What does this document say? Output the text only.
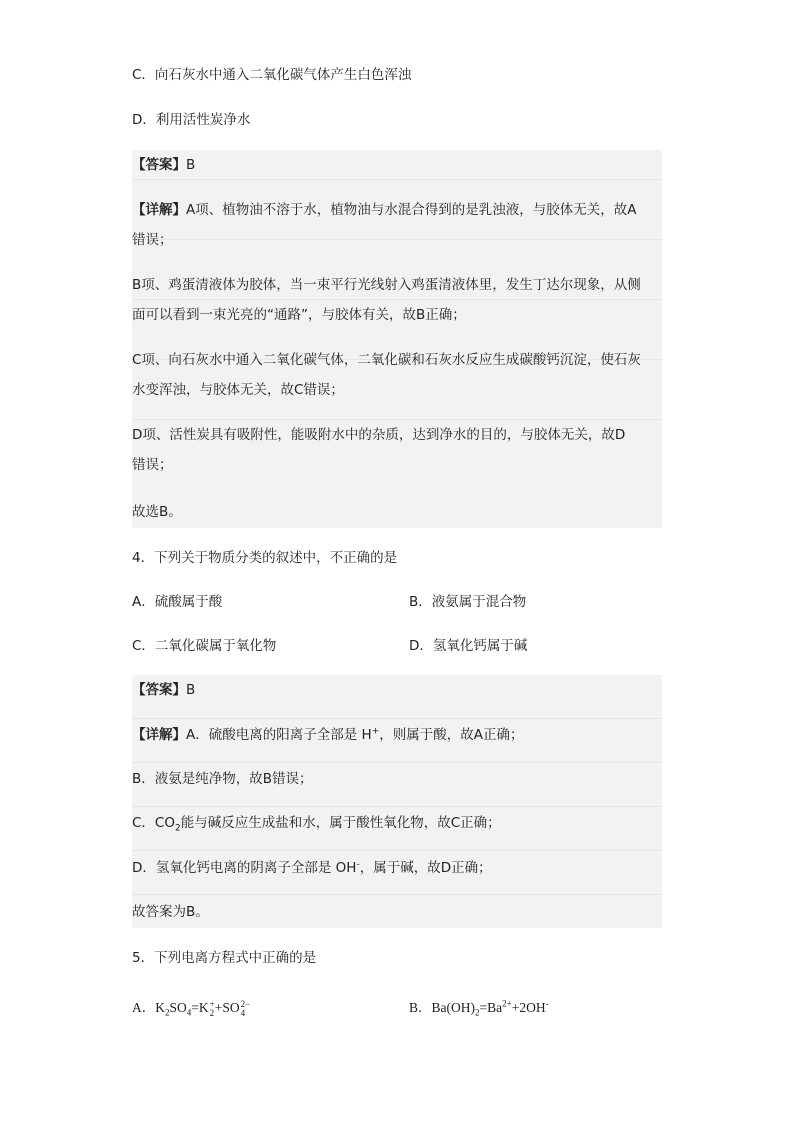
C．向石灰水中通入二氧化碳气体产生白色浑浊
D．利用活性炭净水
【答案】B
【详解】A项、植物油不溶于水，植物油与水混合得到的是乳浊液，与胶体无关，故A
错误；
B项、鸡蛋清液体为胶体，当一束平行光线射入鸡蛋清液体里，发生丁达尔现象，从侧
面可以看到一束光亮的“通路”，与胶体有关，故B正确；
C项、向石灰水中通入二氧化碳气体，二氧化碳和石灰水反应生成碳酸钙沉淀，使石灰
水变浑浊，与胶体无关，故C错误；
D项、活性炭具有吸附性，能吸附水中的杂质，达到净水的目的，与胶体无关，故D
错误；
故选B。
4．下列关于物质分类的叙述中，不正确的是
A．硫酸属于酸	B．液氨属于混合物
C．二氧化碳属于氧化物	D．氢氧化钙属于碱
【答案】B
【详解】A．硫酸电离的阳离子全部是 H+，则属于酸，故A正确；
B．液氨是纯净物，故B错误；
C．$CO_2$能与碱反应生成盐和水，属于酸性氧化物，故C正确；
D．氢氧化钙电离的阴离子全部是 OH-，属于碱，故D正确；
故答案为B。
5．下列电离方程式中正确的是
A．$K_2SO_4=K$ +
2 +SO 2−
4	B．$Ba(OH)_2=Ba^{2+}+2OH^-$
